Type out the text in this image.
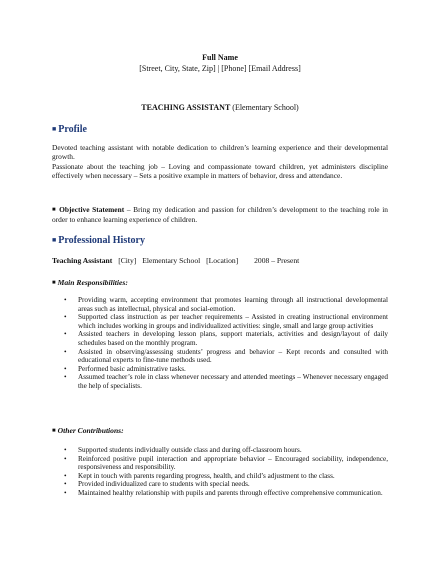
Full Name
[Street, City, State, Zip] | [Phone] [Email Address]
TEACHING ASSISTANT (Elementary School)
■ Profile
Devoted teaching assistant with notable dedication to children’s learning experience and their developmental growth.
Passionate about the teaching job – Loving and compassionate toward children, yet administers discipline effectively when necessary – Sets a positive example in matters of behavior, dress and attendance.
■ Objective Statement – Bring my dedication and passion for children’s development to the teaching role in order to enhance learning experience of children.
■ Professional History
Teaching Assistant [City] Elementary School [Location] 2008 – Present
■ Main Responsibilities:
• Providing warm, accepting environment that promotes learning through all instructional developmental areas such as intellectual, physical and social-emotion.
• Supported class instruction as per teacher requirements – Assisted in creating instructional environment which includes working in groups and individualized activities: single, small and large group activities
• Assisted teachers in developing lesson plans, support materials, activities and design/layout of daily schedules based on the monthly program.
• Assisted in observing/assessing students’ progress and behavior – Kept records and consulted with educational experts to fine-tune methods used.
• Performed basic administrative tasks.
• Assumed teacher’s role in class whenever necessary and attended meetings – Whenever necessary engaged the help of specialists.
■ Other Contributions:
• Supported students individually outside class and during off-classroom hours.
• Reinforced positive pupil interaction and appropriate behavior – Encouraged sociability, independence, responsiveness and responsibility.
• Kept in touch with parents regarding progress, health, and child’s adjustment to the class.
• Provided individualized care to students with special needs.
• Maintained healthy relationship with pupils and parents through effective comprehensive communication.
